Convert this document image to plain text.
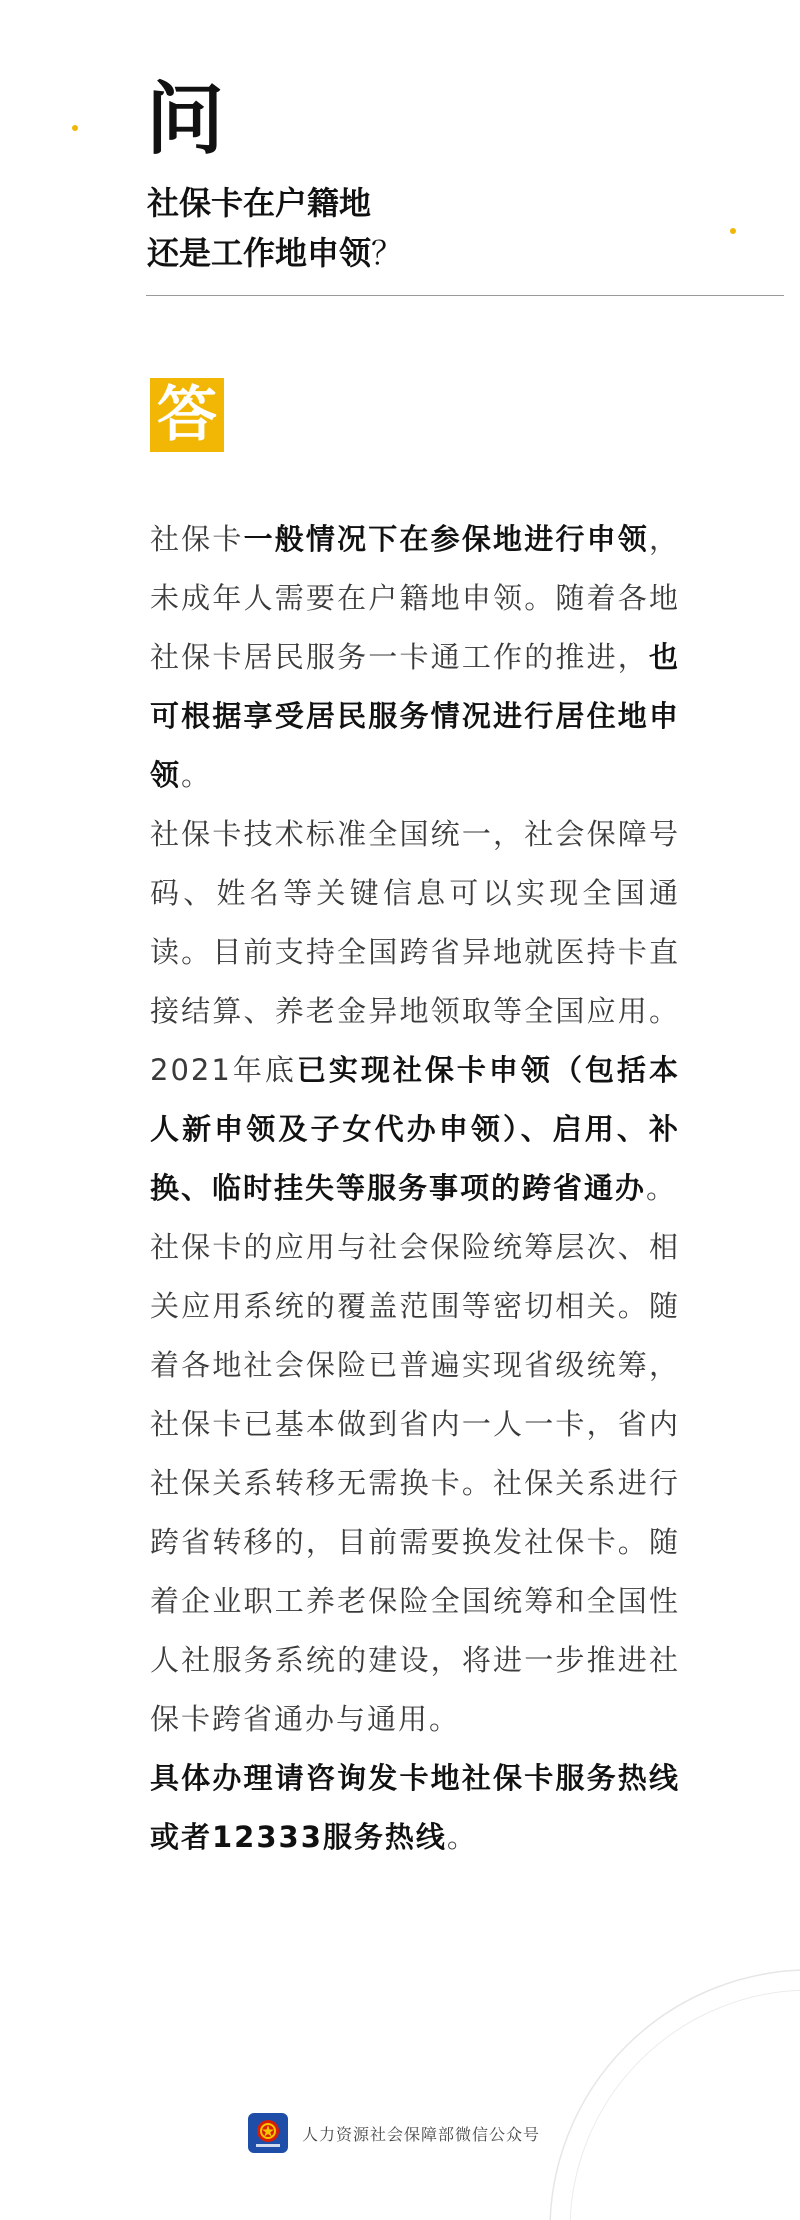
问
社保卡在户籍地
还是工作地申领？
答

社保卡一般情况下在参保地进行申领，未成年人需要在户籍地申领。随着各地社保卡居民服务一卡通工作的推进，也可根据享受居民服务情况进行居住地申领。

社保卡技术标准全国统一，社会保障号码、姓名等关键信息可以实现全国通读。目前支持全国跨省异地就医持卡直接结算、养老金异地领取等全国应用。2021年底已实现社保卡申领（包括本人新申领及子女代办申领）、启用、补换、临时挂失等服务事项的跨省通办。

社保卡的应用与社会保险统筹层次、相关应用系统的覆盖范围等密切相关。随着各地社会保险已普遍实现省级统筹，社保卡已基本做到省内一人一卡，省内社保关系转移无需换卡。社保关系进行跨省转移的，目前需要换发社保卡。随着企业职工养老保险全国统筹和全国性人社服务系统的建设，将进一步推进社保卡跨省通办与通用。

具体办理请咨询发卡地社保卡服务热线或者12333服务热线。

人力资源社会保障部微信公众号
